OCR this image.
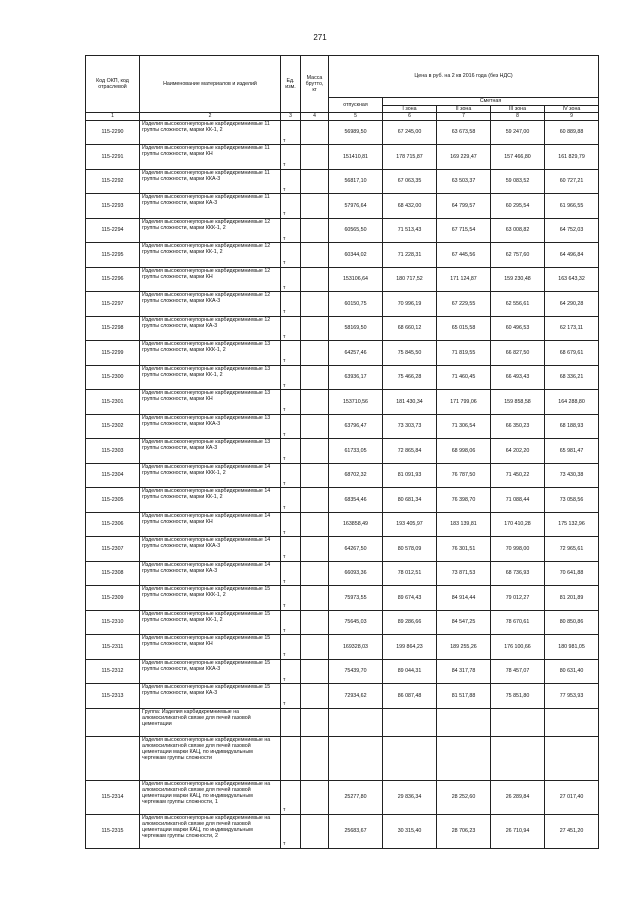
271
Код ОКП, код отраслевой	Наименование материалов и изделий	Ед. изм.	Масса брутто, кг	Цена в руб. на 2 кв 2016 года (без НДС)				
				отпускная	Сметная			
					I зона	II зона	III зона	IV зона
1	2	3	4	5	6	7	8	9
115-2290	Изделия высокоогнеупорные карбидкремниевые 11 группы сложности, марки КК-1, 2	т		56989,50	67 245,00	63 673,58	59 247,00	60 889,88
115-2291	Изделия высокоогнеупорные карбидкремниевые 11 группы сложности, марки КН	т		151410,81	178 715,87	169 229,47	157 466,80	161 829,79
115-2292	Изделия высокоогнеупорные карбидкремниевые 11 группы сложности, марки ККА-3	т		56817,10	67 063,35	63 503,37	59 083,52	60 727,21
115-2293	Изделия высокоогнеупорные карбидкремниевые 11 группы сложности, марки КА-3	т		57976,64	68 432,00	64 799,57	60 295,54	61 966,55
115-2294	Изделия высокоогнеупорные карбидкремниевые 12 группы сложности, марки ККК-1, 2	т		60565,50	71 513,43	67 715,54	63 008,82	64 752,03
115-2295	Изделия высокоогнеупорные карбидкремниевые 12 группы сложности, марки КК-1, 2	т		60344,02	71 228,31	67 445,56	62 757,60	64 496,84
115-2296	Изделия высокоогнеупорные карбидкремниевые 12 группы сложности, марки КН	т		153106,64	180 717,52	171 124,87	159 230,48	163 643,32
115-2297	Изделия высокоогнеупорные карбидкремниевые 12 группы сложности, марки ККА-3	т		60150,75	70 996,19	67 229,55	62 556,61	64 290,28
115-2298	Изделия высокоогнеупорные карбидкремниевые 12 группы сложности, марки КА-3	т		58169,50	68 660,12	65 015,58	60 496,53	62 173,11
115-2299	Изделия высокоогнеупорные карбидкремниевые 13 группы сложности, марки ККК-1, 2	т		64257,46	75 845,50	71 819,55	66 827,50	68 679,61
115-2300	Изделия высокоогнеупорные карбидкремниевые 13 группы сложности, марки КК-1, 2	т		63936,17	75 466,28	71 460,45	66 493,43	68 336,21
115-2301	Изделия высокоогнеупорные карбидкремниевые 13 группы сложности, марки КН	т		153710,56	181 430,34	171 799,06	159 858,58	164 288,80
115-2302	Изделия высокоогнеупорные карбидкремниевые 13 группы сложности, марки ККА-3	т		63796,47	73 303,73	71 306,54	66 350,23	68 188,93
115-2303	Изделия высокоогнеупорные карбидкремниевые 13 группы сложности, марки КА-3	т		61733,05	72 865,84	68 998,06	64 202,20	65 981,47
115-2304	Изделия высокоогнеупорные карбидкремниевые 14 группы сложности, марки ККК-1, 2	т		68702,32	81 091,93	76 787,50	71 450,22	73 430,38
115-2305	Изделия высокоогнеупорные карбидкремниевые 14 группы сложности, марки КК-1, 2	т		68354,46	80 681,34	76 398,70	71 088,44	73 058,56
115-2306	Изделия высокоогнеупорные карбидкремниевые 14 группы сложности, марки КН	т		163858,49	193 405,97	183 139,81	170 410,28	175 132,96
115-2307	Изделия высокоогнеупорные карбидкремниевые 14 группы сложности, марки ККА-3	т		64267,50	80 578,09	76 301,51	70 998,00	72 965,61
115-2308	Изделия высокоогнеупорные карбидкремниевые 14 группы сложности, марки КА-3	т		66093,36	78 012,51	73 871,53	68 736,93	70 641,88
115-2309	Изделия высокоогнеупорные карбидкремниевые 15 группы сложности, марки ККК-1, 2	т		75973,55	89 674,43	84 914,44	79 012,27	81 201,89
115-2310	Изделия высокоогнеупорные карбидкремниевые 15 группы сложности, марки КК-1, 2	т		75645,03	89 286,66	84 547,25	78 670,61	80 850,86
115-2311	Изделия высокоогнеупорные карбидкремниевые 15 группы сложности, марки КН	т		169328,03	199 864,23	189 255,26	176 100,66	180 981,05
115-2312	Изделия высокоогнеупорные карбидкремниевые 15 группы сложности, марки ККА-3	т		75439,70	89 044,31	84 317,78	78 457,07	80 631,40
115-2313	Изделия высокоогнеупорные карбидкремниевые 15 группы сложности, марки КА-3	т		72934,62	86 087,48	81 517,88	75 851,80	77 953,93
	Группа: Изделия карбидкремниевые на алюмосиликатной связке для печей газовой цементации							
	Изделия высокоогнеупорные карбидкремниевые на алюмосиликатной связке для печей газовой цементации марки КАЦ, по индивидуальным чертежам группы сложности							
115-2314	Изделия высокоогнеупорные карбидкремниевые на алюмосиликатной связке для печей газовой цементации марки КАЦ, по индивидуальным чертежам группы сложности, 1	т		25277,80	29 836,34	28 252,60	26 289,84	27 017,40
115-2315	Изделия высокоогнеупорные карбидкремниевые на алюмосиликатной связке для печей газовой цементации марки КАЦ, по индивидуальным чертежам группы сложности, 2	т		25683,67	30 315,40	28 706,23	26 710,94	27 451,20
